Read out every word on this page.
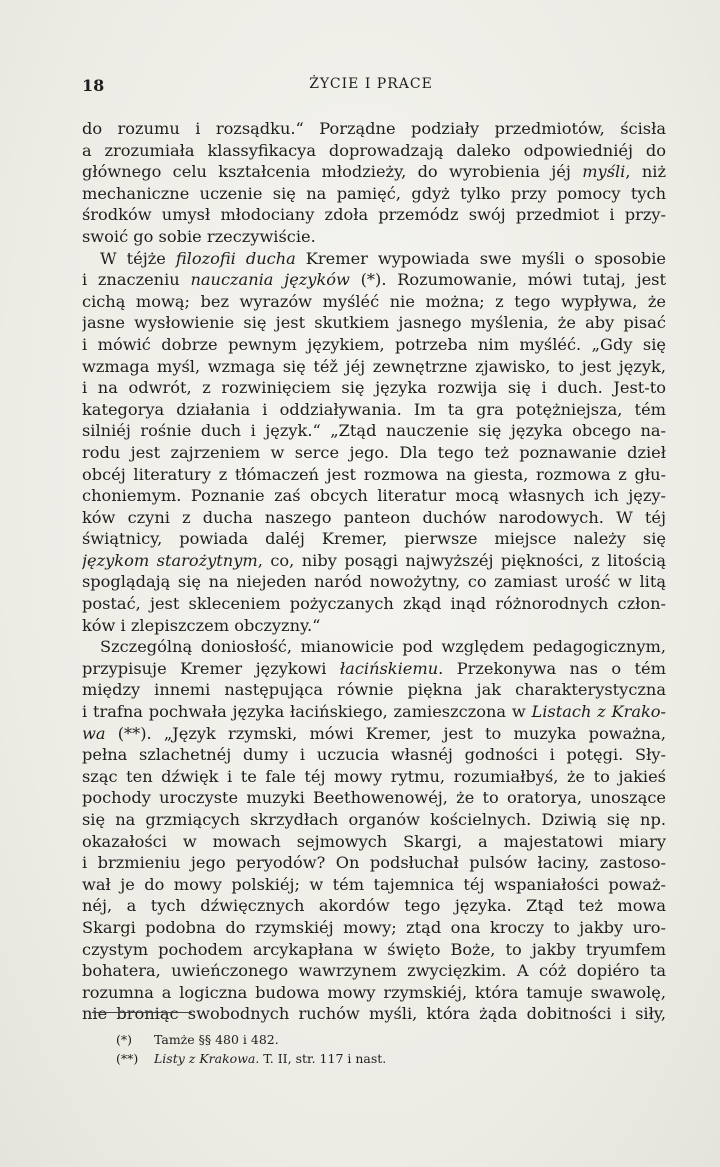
18	ŻYCIE I PRACE
do rozumu i rozsądku.“ Porządne podziały przedmiotów, ścisła
a zrozumiała klassyfikacya doprowadzają daleko odpowiedniéj do
głównego celu kształcenia młodzieży, do wyrobienia jéj myśli, niż
mechaniczne uczenie się na pamięć, gdyż tylko przy pomocy tych
środków umysł młodociany zdoła przemódz swój przedmiot i przy-
swoić go sobie rzeczywiście.
W téjże filozofii ducha Kremer wypowiada swe myśli o sposobie
i znaczeniu nauczania języków (*). Rozumowanie, mówi tutaj, jest
cichą mową; bez wyrazów myśléć nie można; z tego wypływa, że
jasne wysłowienie się jest skutkiem jasnego myślenia, że aby pisać
i mówić dobrze pewnym językiem, potrzeba nim myśléć. „Gdy się
wzmaga myśl, wzmaga się též jéj zewnętrzne zjawisko, to jest język,
i na odwrót, z rozwinięciem się języka rozwija się i duch. Jest-to
kategorya działania i oddziaływania. Im ta gra potężniejsza, tém
silniéj rośnie duch i język.“ „Ztąd nauczenie się języka obcego na-
rodu jest zajrzeniem w serce jego. Dla tego też poznawanie dzieł
obcéj literatury z tłómaczeń jest rozmowa na giesta, rozmowa z głu-
choniemym. Poznanie zaś obcych literatur mocą własnych ich języ-
ków czyni z ducha naszego panteon duchów narodowych. W téj
świątnicy, powiada daléj Kremer, pierwsze miejsce należy się
językom starożytnym, co, niby posągi najwyższéj piękności, z litością
spoglądają się na niejeden naród nowożytny, co zamiast urość w litą
postać, jest skleceniem pożyczanych zkąd inąd różnorodnych człon-
ków i zlepiszczem obczyzny.“
Szczególną doniosłość, mianowicie pod względem pedagogicznym,
przypisuje Kremer językowi łacińskiemu. Przekonywa nas o tém
między innemi następująca równie piękna jak charakterystyczna
i trafna pochwała języka łacińskiego, zamieszczona w Listach z Krako-
wa (**). „Język rzymski, mówi Kremer, jest to muzyka poważna,
pełna szlachetnéj dumy i uczucia własnéj godności i potęgi. Sły-
sząc ten dźwięk i te fale téj mowy rytmu, rozumiałbyś, że to jakieś
pochody uroczyste muzyki Beethowenowéj, że to oratorya, unoszące
się na grzmiących skrzydłach organów kościelnych. Dziwią się np.
okazałości w mowach sejmowych Skargi, a majestatowi miary
i brzmieniu jego peryodów? On podsłuchał pulsów łaciny, zastoso-
wał je do mowy polskiéj; w tém tajemnica téj wspaniałości poważ-
néj, a tych dźwięcznych akordów tego języka. Ztąd też mowa
Skargi podobna do rzymskiéj mowy; ztąd ona kroczy to jakby uro-
czystym pochodem arcykapłana w święto Boże, to jakby tryumfem
bohatera, uwieńczonego wawrzynem zwycięzkim. A cóż dopiéro ta
rozumna a logiczna budowa mowy rzymskiéj, która tamuje swawolę,
nie broniąc swobodnych ruchów myśli, która żąda dobitności i siły,
(*) Tamże §§ 480 i 482.
(**) Listy z Krakowa. T. II, str. 117 i nast.
